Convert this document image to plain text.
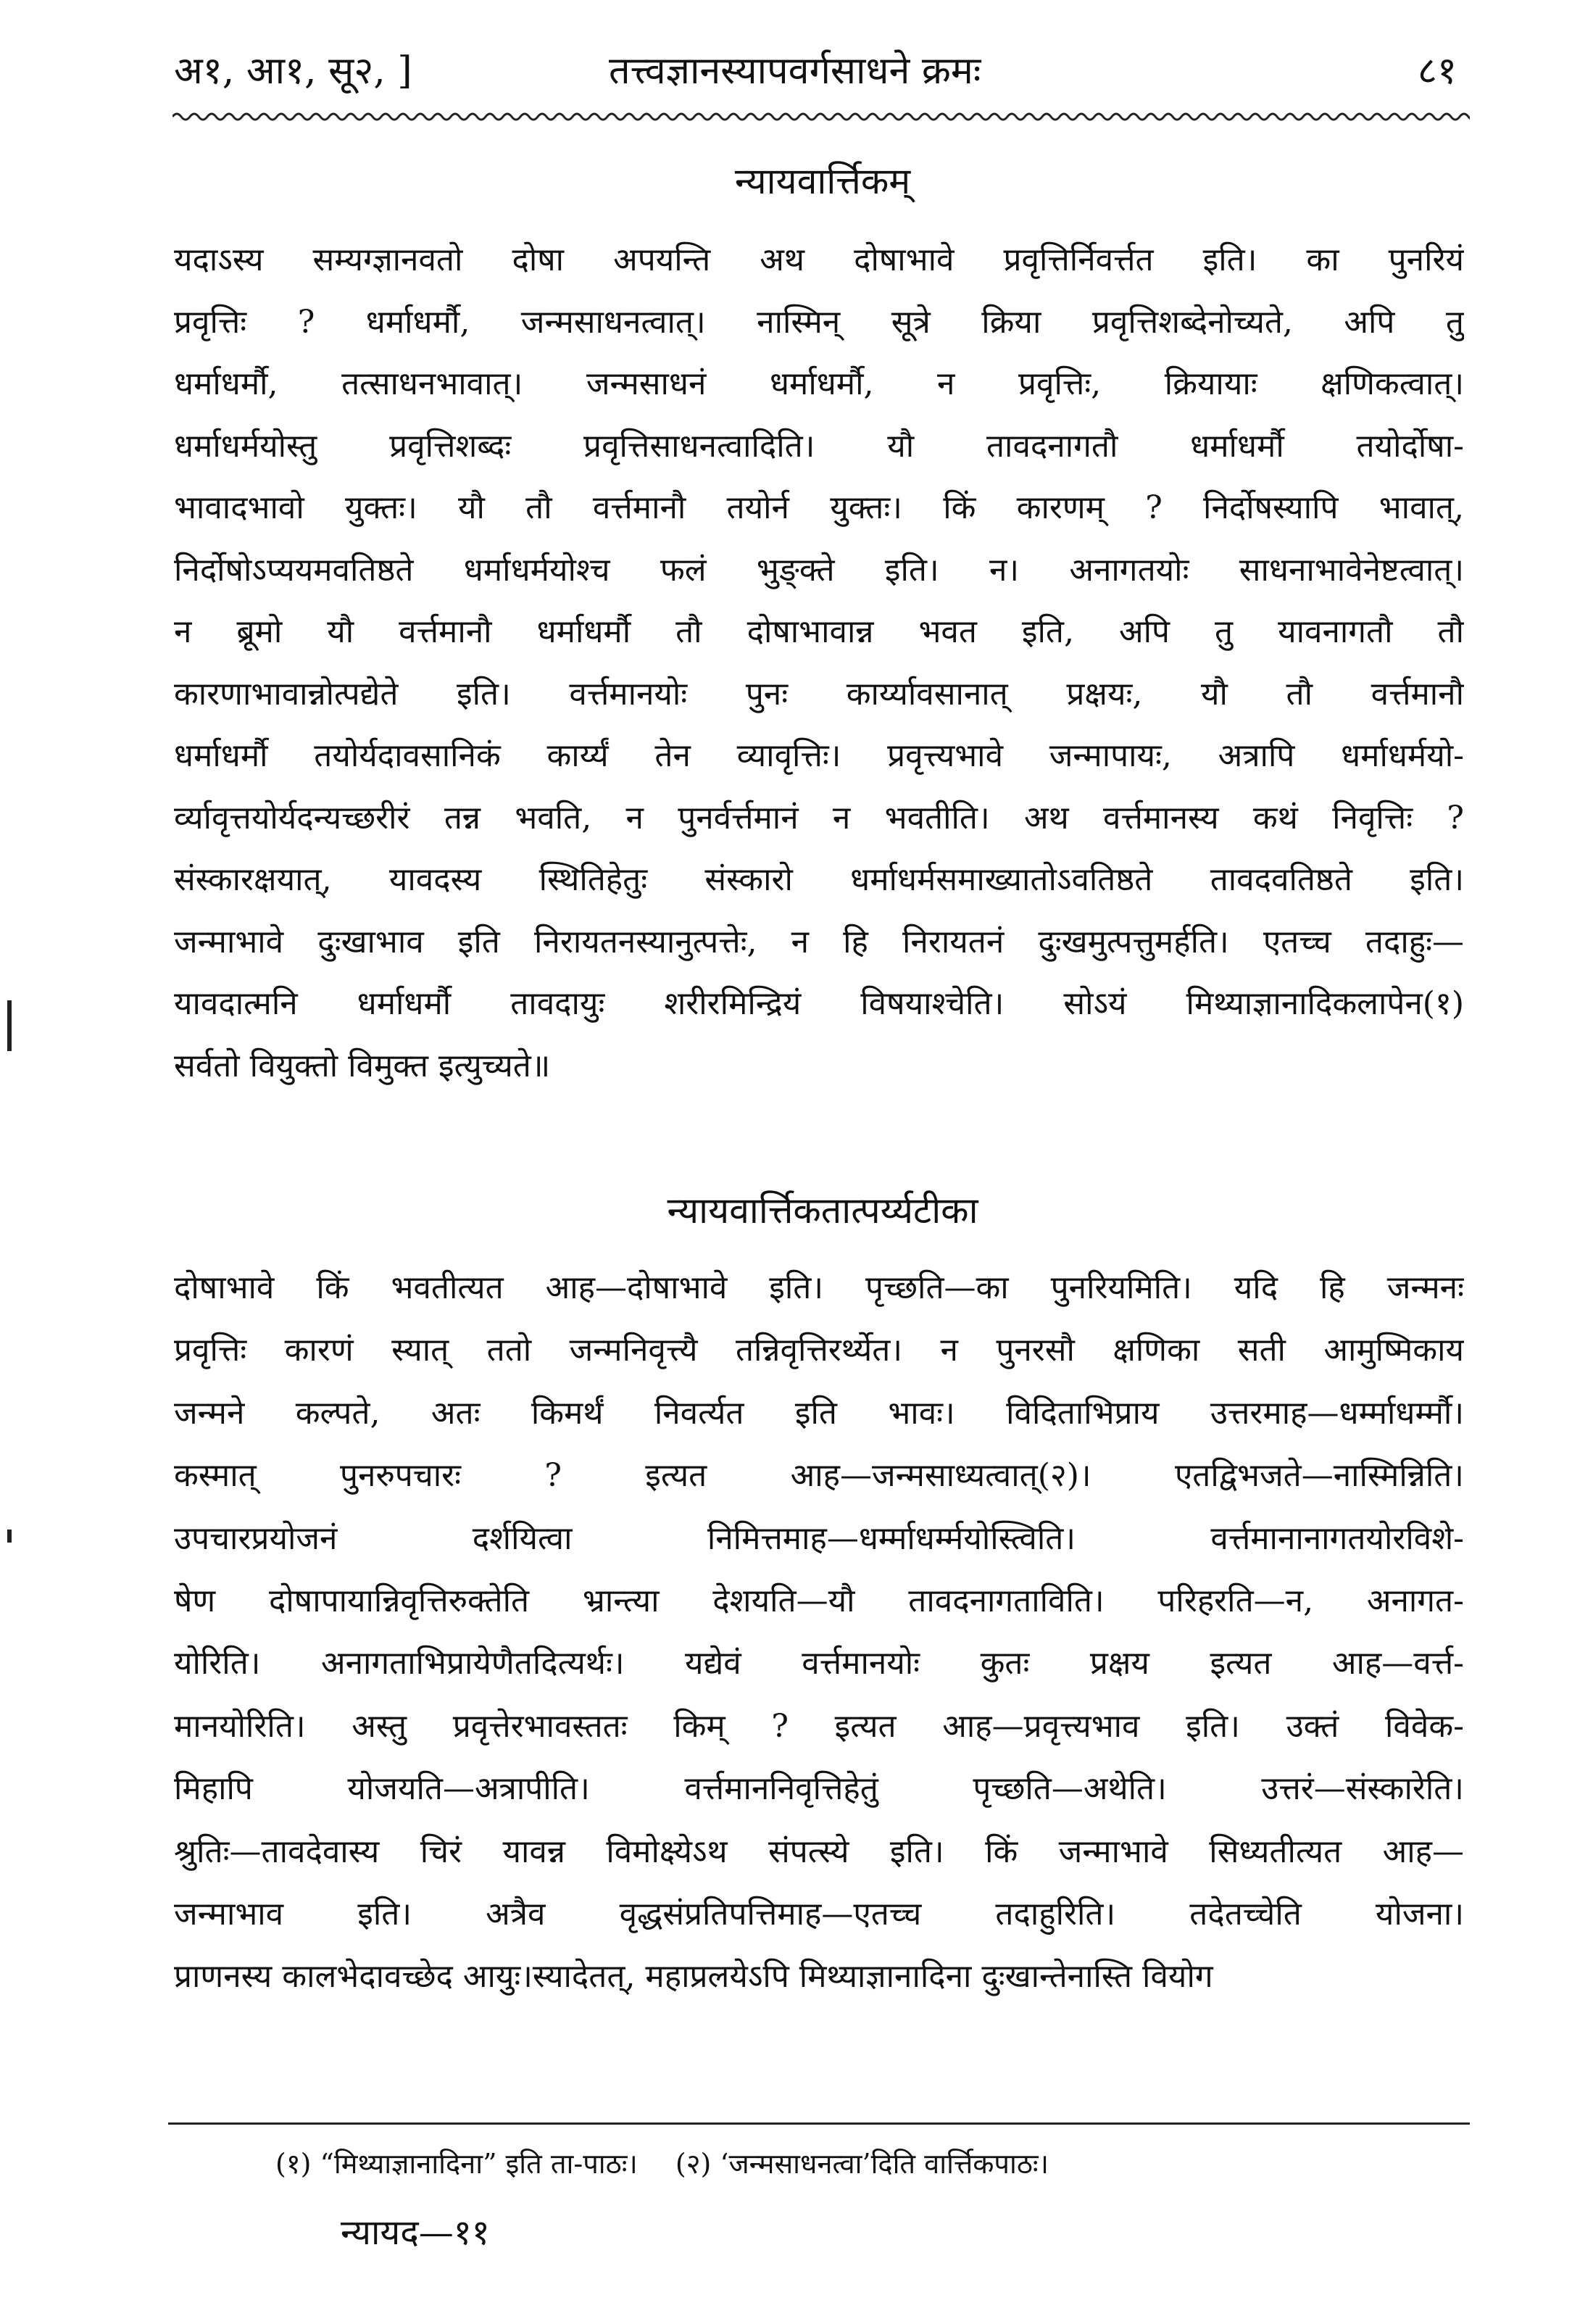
अ१, आ१, सू२, ]	तत्त्वज्ञानस्यापवर्गसाधने क्रमः	८१
न्यायवार्त्तिकम्
यदाऽस्य सम्यग्ज्ञानवतो दोषा अपयन्ति अथ दोषाभावे प्रवृत्तिर्निवर्त्तत इति। का पुनरियं
प्रवृत्तिः ? धर्माधर्मौ, जन्मसाधनत्वात्। नास्मिन् सूत्रे क्रिया प्रवृत्तिशब्देनोच्यते, अपि तु
धर्माधर्मौ, तत्साधनभावात्। जन्मसाधनं धर्माधर्मौ, न प्रवृत्तिः, क्रियायाः क्षणिकत्वात्।
धर्माधर्मयोस्तु प्रवृत्तिशब्दः प्रवृत्तिसाधनत्वादिति। यौ तावदनागतौ धर्माधर्मौ तयोर्दोषा-
भावादभावो युक्तः। यौ तौ वर्त्तमानौ तयोर्न युक्तः। किं कारणम् ? निर्दोषस्यापि भावात्,
निर्दोषोऽप्ययमवतिष्ठते धर्माधर्मयोश्च फलं भुङ्क्ते इति। न। अनागतयोः साधनाभावेनेष्टत्वात्।
न ब्रूमो यौ वर्त्तमानौ धर्माधर्मौ तौ दोषाभावान्न भवत इति, अपि तु यावनागतौ तौ
कारणाभावान्नोत्पद्येते इति। वर्त्तमानयोः पुनः कार्य्यावसानात् प्रक्षयः, यौ तौ वर्त्तमानौ
धर्माधर्मौ तयोर्यदावसानिकं कार्य्यं तेन व्यावृत्तिः। प्रवृत्त्यभावे जन्मापायः, अत्रापि धर्माधर्मयो-
र्व्यावृत्तयोर्यदन्यच्छरीरं तन्न भवति, न पुनर्वर्त्तमानं न भवतीति। अथ वर्त्तमानस्य कथं निवृत्तिः ?
संस्कारक्षयात्, यावदस्य स्थितिहेतुः संस्कारो धर्माधर्मसमाख्यातोऽवतिष्ठते तावदवतिष्ठते इति।
जन्माभावे दुःखाभाव इति निरायतनस्यानुत्पत्तेः, न हि निरायतनं दुःखमुत्पत्तुमर्हति। एतच्च तदाहुः—
यावदात्मनि धर्माधर्मौ तावदायुः शरीरमिन्द्रियं विषयाश्चेति। सोऽयं मिथ्याज्ञानादिकलापेन(१)
सर्वतो वियुक्तो विमुक्त इत्युच्यते॥
न्यायवार्त्तिकतात्पर्य्यटीका
दोषाभावे किं भवतीत्यत आह—दोषाभावे इति। पृच्छति—का पुनरियमिति। यदि हि जन्मनः
प्रवृत्तिः कारणं स्यात् ततो जन्मनिवृत्त्यै तन्निवृत्तिरर्थ्येत। न पुनरसौ क्षणिका सती आमुष्मिकाय
जन्मने कल्पते, अतः किमर्थं निवर्त्यत इति भावः। विदिताभिप्राय उत्तरमाह—धर्म्माधर्म्मौ।
कस्मात् पुनरुपचारः ? इत्यत आह—जन्मसाध्यत्वात्(२)। एतद्विभजते—नास्मिन्निति।
उपचारप्रयोजनं दर्शयित्वा निमित्तमाह—धर्म्माधर्म्मयोस्त्विति। वर्त्तमानानागतयोरविशे-
षेण दोषापायान्निवृत्तिरुक्तेति भ्रान्त्या देशयति—यौ तावदनागताविति। परिहरति—न, अनागत-
योरिति। अनागताभिप्रायेणैतदित्यर्थः। यद्येवं वर्त्तमानयोः कुतः प्रक्षय इत्यत आह—वर्त्त-
मानयोरिति। अस्तु प्रवृत्तेरभावस्ततः किम् ? इत्यत आह—प्रवृत्त्यभाव इति। उक्तं विवेक-
मिहापि योजयति—अत्रापीति। वर्त्तमाननिवृत्तिहेतुं पृच्छति—अथेति। उत्तरं—संस्कारेति।
श्रुतिः—तावदेवास्य चिरं यावन्न विमोक्ष्येऽथ संपत्स्ये इति। किं जन्माभावे सिध्यतीत्यत आह—
जन्माभाव इति। अत्रैव वृद्धसंप्रतिपत्तिमाह—एतच्च तदाहुरिति। तदेतच्चेति योजना।
प्राणनस्य कालभेदावच्छेद आयुः।स्यादेतत्, महाप्रलयेऽपि मिथ्याज्ञानादिना दुःखान्तेनास्ति वियोग
(१) “मिथ्याज्ञानादिना” इति ता-पाठः। (२) ‘जन्मसाधनत्वा’दिति वार्त्तिकपाठः।
न्यायद—११
